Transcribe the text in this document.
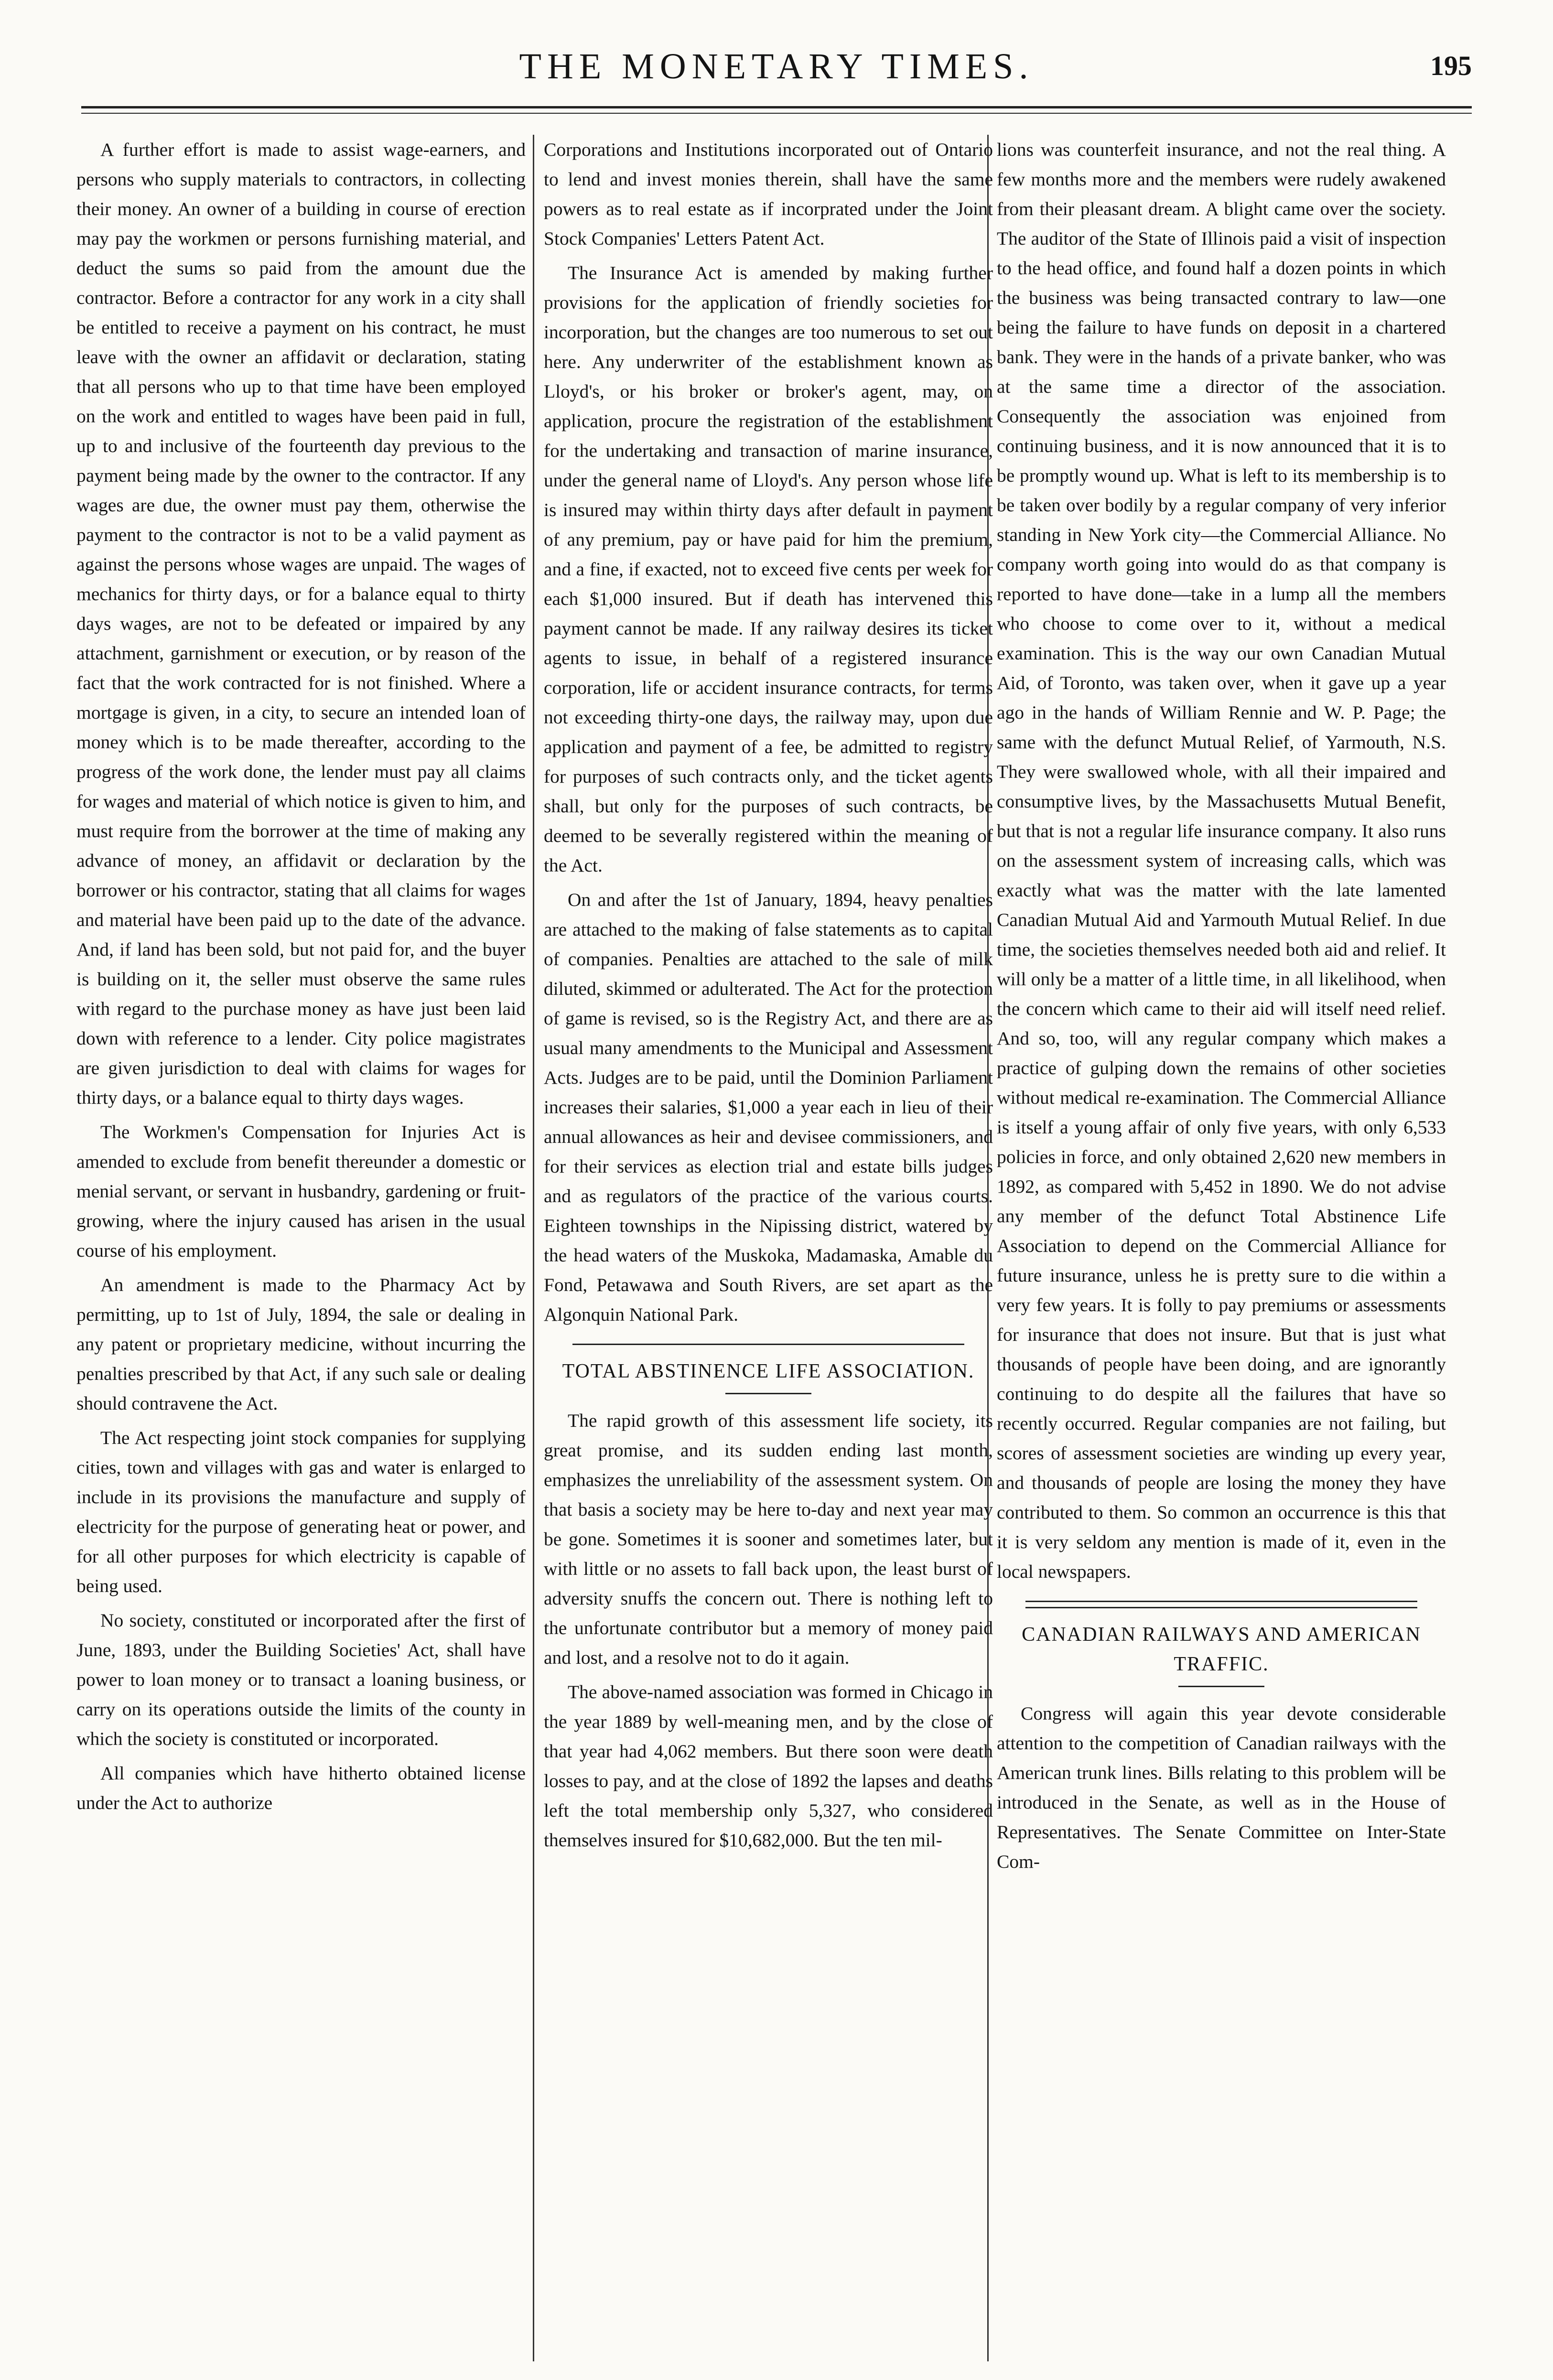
THE MONETARY TIMES.	195

A further effort is made to assist wage-earners, and persons who supply materials to contractors, in collecting their money. An owner of a building in course of erection may pay the workmen or persons furnishing material, and deduct the sums so paid from the amount due the contractor. Before a contractor for any work in a city shall be entitled to receive a payment on his contract, he must leave with the owner an affidavit or declaration, stating that all persons who up to that time have been employed on the work and entitled to wages have been paid in full, up to and inclusive of the fourteenth day previous to the payment being made by the owner to the contractor. If any wages are due, the owner must pay them, otherwise the payment to the contractor is not to be a valid payment as against the persons whose wages are unpaid. The wages of mechanics for thirty days, or for a balance equal to thirty days wages, are not to be defeated or impaired by any attachment, garnishment or execution, or by reason of the fact that the work contracted for is not finished. Where a mortgage is given, in a city, to secure an intended loan of money which is to be made thereafter, according to the progress of the work done, the lender must pay all claims for wages and material of which notice is given to him, and must require from the borrower at the time of making any advance of money, an affidavit or declaration by the borrower or his contractor, stating that all claims for wages and material have been paid up to the date of the advance. And, if land has been sold, but not paid for, and the buyer is building on it, the seller must observe the same rules with regard to the purchase money as have just been laid down with reference to a lender. City police magistrates are given jurisdiction to deal with claims for wages for thirty days, or a balance equal to thirty days wages.

The Workmen's Compensation for Injuries Act is amended to exclude from benefit thereunder a domestic or menial servant, or servant in husbandry, gardening or fruit-growing, where the injury caused has arisen in the usual course of his employment.

An amendment is made to the Pharmacy Act by permitting, up to 1st of July, 1894, the sale or dealing in any patent or proprietary medicine, without incurring the penalties prescribed by that Act, if any such sale or dealing should contravene the Act.

The Act respecting joint stock companies for supplying cities, town and villages with gas and water is enlarged to include in its provisions the manufacture and supply of electricity for the purpose of generating heat or power, and for all other purposes for which electricity is capable of being used.

No society, constituted or incorporated after the first of June, 1893, under the Building Societies' Act, shall have power to loan money or to transact a loaning business, or carry on its operations outside the limits of the county in which the society is constituted or incorporated.

All companies which have hitherto obtained license under the Act to authorize

Corporations and Institutions incorporated out of Ontario to lend and invest monies therein, shall have the same powers as to real estate as if incorprated under the Joint Stock Companies' Letters Patent Act.

The Insurance Act is amended by making further provisions for the application of friendly societies for incorporation, but the changes are too numerous to set out here. Any underwriter of the establishment known as Lloyd's, or his broker or broker's agent, may, on application, procure the registration of the establishment for the undertaking and transaction of marine insurance, under the general name of Lloyd's. Any person whose life is insured may within thirty days after default in payment of any premium, pay or have paid for him the premium, and a fine, if exacted, not to exceed five cents per week for each $1,000 insured. But if death has intervened this payment cannot be made. If any railway desires its ticket agents to issue, in behalf of a registered insurance corporation, life or accident insurance contracts, for terms not exceeding thirty-one days, the railway may, upon due application and payment of a fee, be admitted to registry for purposes of such contracts only, and the ticket agents shall, but only for the purposes of such contracts, be deemed to be severally registered within the meaning of the Act.

On and after the 1st of January, 1894, heavy penalties are attached to the making of false statements as to capital of companies. Penalties are attached to the sale of milk diluted, skimmed or adulterated. The Act for the protection of game is revised, so is the Registry Act, and there are as usual many amendments to the Municipal and Assessment Acts. Judges are to be paid, until the Dominion Parliament increases their salaries, $1,000 a year each in lieu of their annual allowances as heir and devisee commissioners, and for their services as election trial and estate bills judges and as regulators of the practice of the various courts. Eighteen townships in the Nipissing district, watered by the head waters of the Muskoka, Madamaska, Amable du Fond, Petawawa and South Rivers, are set apart as the Algonquin National Park.

TOTAL ABSTINENCE LIFE ASSOCIATION.

The rapid growth of this assessment life society, its great promise, and its sudden ending last month, emphasizes the unreliability of the assessment system. On that basis a society may be here to-day and next year may be gone. Sometimes it is sooner and sometimes later, but with little or no assets to fall back upon, the least burst of adversity snuffs the concern out. There is nothing left to the unfortunate contributor but a memory of money paid and lost, and a resolve not to do it again.

The above-named association was formed in Chicago in the year 1889 by well-meaning men, and by the close of that year had 4,062 members. But there soon were death losses to pay, and at the close of 1892 the lapses and deaths left the total membership only 5,327, who considered themselves insured for $10,682,000. But the ten mil-

lions was counterfeit insurance, and not the real thing. A few months more and the members were rudely awakened from their pleasant dream. A blight came over the society. The auditor of the State of Illinois paid a visit of inspection to the head office, and found half a dozen points in which the business was being transacted contrary to law—one being the failure to have funds on deposit in a chartered bank. They were in the hands of a private banker, who was at the same time a director of the association. Consequently the association was enjoined from continuing business, and it is now announced that it is to be promptly wound up. What is left to its membership is to be taken over bodily by a regular company of very inferior standing in New York city—the Commercial Alliance. No company worth going into would do as that company is reported to have done—take in a lump all the members who choose to come over to it, without a medical examination. This is the way our own Canadian Mutual Aid, of Toronto, was taken over, when it gave up a year ago in the hands of William Rennie and W. P. Page; the same with the defunct Mutual Relief, of Yarmouth, N.S. They were swallowed whole, with all their impaired and consumptive lives, by the Massachusetts Mutual Benefit, but that is not a regular life insurance company. It also runs on the assessment system of increasing calls, which was exactly what was the matter with the late lamented Canadian Mutual Aid and Yarmouth Mutual Relief. In due time, the societies themselves needed both aid and relief. It will only be a matter of a little time, in all likelihood, when the concern which came to their aid will itself need relief. And so, too, will any regular company which makes a practice of gulping down the remains of other societies without medical re-examination. The Commercial Alliance is itself a young affair of only five years, with only 6,533 policies in force, and only obtained 2,620 new members in 1892, as compared with 5,452 in 1890. We do not advise any member of the defunct Total Abstinence Life Association to depend on the Commercial Alliance for future insurance, unless he is pretty sure to die within a very few years. It is folly to pay premiums or assessments for insurance that does not insure. But that is just what thousands of people have been doing, and are ignorantly continuing to do despite all the failures that have so recently occurred. Regular companies are not failing, but scores of assessment societies are winding up every year, and thousands of people are losing the money they have contributed to them. So common an occurrence is this that it is very seldom any mention is made of it, even in the local newspapers.

CANADIAN RAILWAYS AND AMERICAN TRAFFIC.

Congress will again this year devote considerable attention to the competition of Canadian railways with the American trunk lines. Bills relating to this problem will be introduced in the Senate, as well as in the House of Representatives. The Senate Committee on Inter-State Com-
